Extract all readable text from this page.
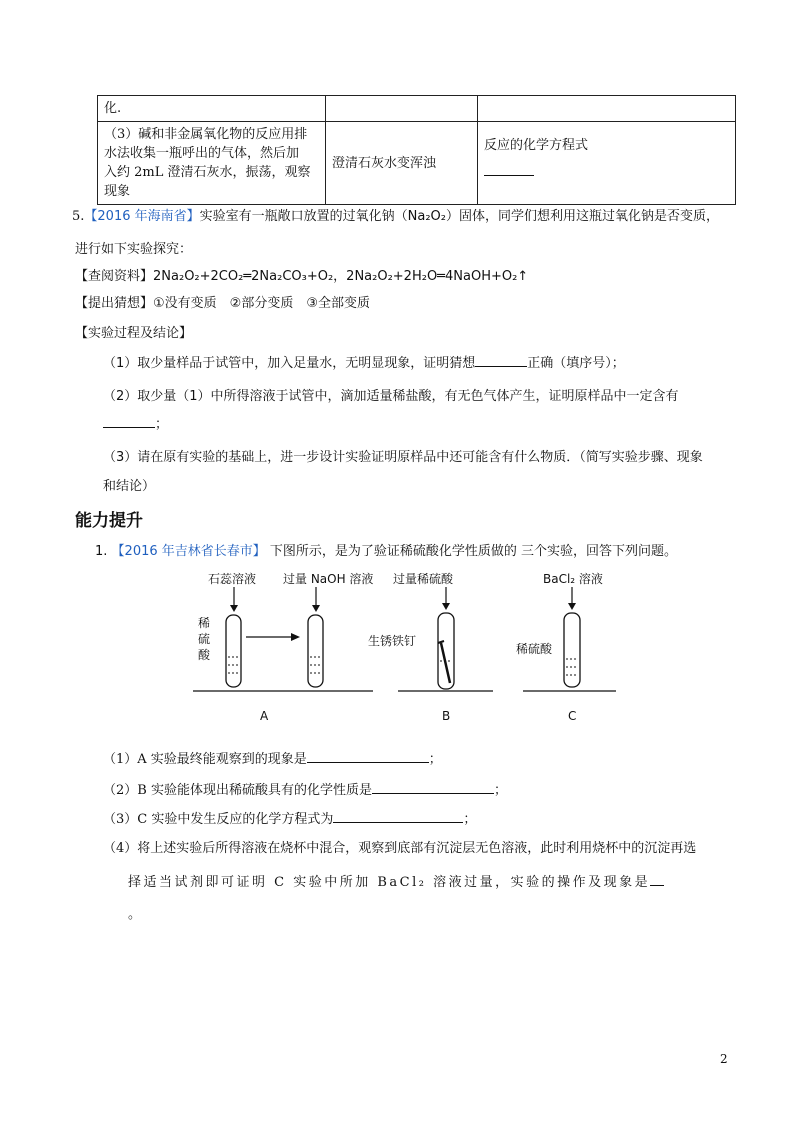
化.		

（3）碱和非金属氧化物的反应用排
水法收集一瓶呼出的气体，然后加
入约 2mL 澄清石灰水，振荡，观察
现象	澄清石灰水变浑浊	反应的化学方程式
5.【2016 年海南省】实验室有一瓶敞口放置的过氧化钠（Na₂O₂）固体，同学们想利用这瓶过氧化钠是否变质，
进行如下实验探究：
【查阅资料】2Na₂O₂+2CO₂═2Na₂CO₃+O₂，2Na₂O₂+2H₂O═4NaOH+O₂↑
【提出猜想】①没有变质　②部分变质　③全部变质
【实验过程及结论】
（1）取少量样品于试管中，加入足量水，无明显现象，证明猜想	正确（填序号）；
（2）取少量（1）中所得溶液于试管中，滴加适量稀盐酸，有无色气体产生，证明原样品中一定含有
；
（3）请在原有实验的基础上，进一步设计实验证明原样品中还可能含有什么物质．（简写实验步骤、现象
和结论）
能力提升
1. 【2016 年吉林省长春市】 下图所示，是为了验证稀硫酸化学性质做的 三个实验，回答下列问题。
石蕊溶液
稀
硫
酸
过量 NaOH 溶液
A
过量稀硫酸
生锈铁钉
B
BaCl₂ 溶液
稀硫酸
C
（1）A 实验最终能观察到的现象是	；
（2）B 实验能体现出稀硫酸具有的化学性质是	；
（3）C 实验中发生反应的化学方程式为	；
（4）将上述实验后所得溶液在烧杯中混合，观察到底部有沉淀层无色溶液，此时利用烧杯中的沉淀再选
择适当试剂即可证明 C 实验中所加 BaCl₂ 溶液过量，实验的操作及现象是
。
2
